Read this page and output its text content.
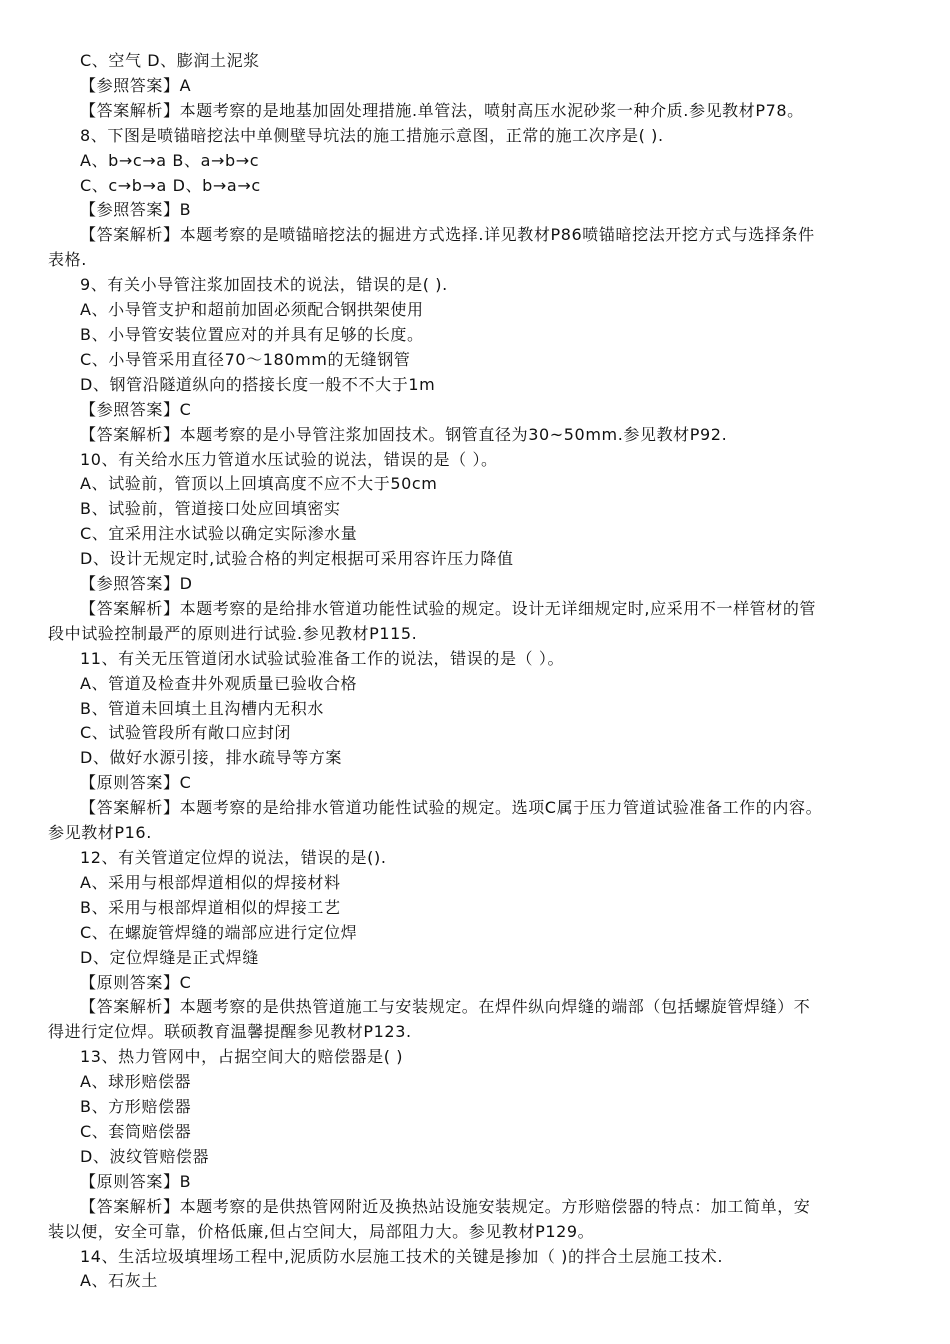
C、空气 D、膨润土泥浆
【参照答案】A
【答案解析】本题考察的是地基加固处理措施.单管法，喷射高压水泥砂浆一种介质.参见教材P78。
8、下图是喷锚暗挖法中单侧壁导坑法的施工措施示意图，正常的施工次序是( ).
A、b→c→a B、a→b→c
C、c→b→a D、b→a→c
【参照答案】B
【答案解析】本题考察的是喷锚暗挖法的掘进方式选择.详见教材P86喷锚暗挖法开挖方式与选择条件
表格.
9、有关小导管注浆加固技术的说法，错误的是( ).
A、小导管支护和超前加固必须配合钢拱架使用
B、小导管安装位置应对的并具有足够的长度。
C、小导管采用直径70～180mm的无缝钢管
D、钢管沿隧道纵向的搭接长度一般不不大于1m
【参照答案】C
【答案解析】本题考察的是小导管注浆加固技术。钢管直径为30~50mm.参见教材P92.
10、有关给水压力管道水压试验的说法，错误的是（ ）。
A、试验前，管顶以上回填高度不应不大于50cm
B、试验前，管道接口处应回填密实
C、宜采用注水试验以确定实际渗水量
D、设计无规定时,试验合格的判定根据可采用容许压力降值
【参照答案】D
【答案解析】本题考察的是给排水管道功能性试验的规定。设计无详细规定时,应采用不一样管材的管
段中试验控制最严的原则进行试验.参见教材P115.
11、有关无压管道闭水试验试验准备工作的说法，错误的是（ ）。
A、管道及检查井外观质量已验收合格
B、管道未回填土且沟槽内无积水
C、试验管段所有敞口应封闭
D、做好水源引接，排水疏导等方案
【原则答案】C
【答案解析】本题考察的是给排水管道功能性试验的规定。选项C属于压力管道试验准备工作的内容。
参见教材P16.
12、有关管道定位焊的说法，错误的是().
A、采用与根部焊道相似的焊接材料
B、采用与根部焊道相似的焊接工艺
C、在螺旋管焊缝的端部应进行定位焊
D、定位焊缝是正式焊缝
【原则答案】C
【答案解析】本题考察的是供热管道施工与安装规定。在焊件纵向焊缝的端部（包括螺旋管焊缝）不
得进行定位焊。联硕教育温馨提醒参见教材P123.
13、热力管网中，占据空间大的赔偿器是( )
A、球形赔偿器
B、方形赔偿器
C、套筒赔偿器
D、波纹管赔偿器
【原则答案】B
【答案解析】本题考察的是供热管网附近及换热站设施安装规定。方形赔偿器的特点：加工简单，安
装以便，安全可靠，价格低廉,但占空间大，局部阻力大。参见教材P129。
14、生活垃圾填埋场工程中,泥质防水层施工技术的关键是掺加（ )的拌合土层施工技术.
A、石灰土
